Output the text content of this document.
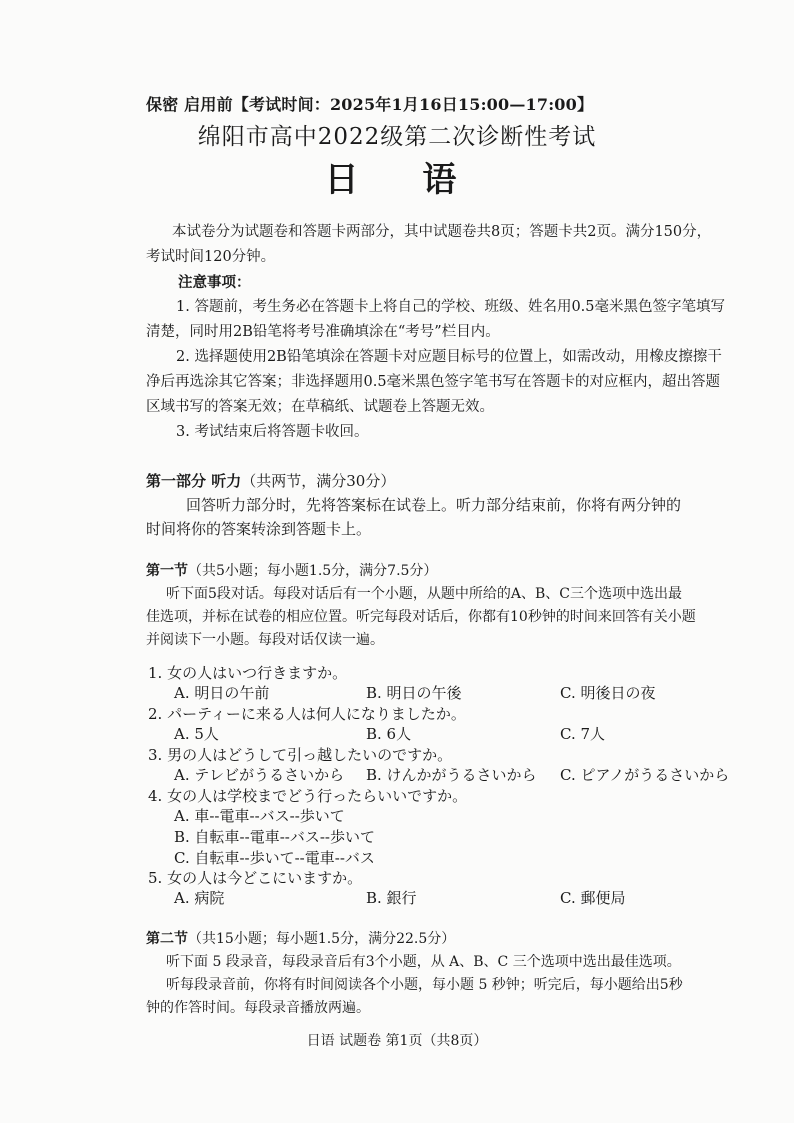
保密 启用前【考试时间：2025年1月16日15:00—17:00】
绵阳市高中2022级第二次诊断性考试
日 语
本试卷分为试题卷和答题卡两部分，其中试题卷共8页；答题卡共2页。满分150分，
考试时间120分钟。
注意事项：
1. 答题前，考生务必在答题卡上将自己的学校、班级、姓名用0.5毫米黑色签字笔填写
清楚，同时用2B铅笔将考号准确填涂在“考号”栏目内。
2. 选择题使用2B铅笔填涂在答题卡对应题目标号的位置上，如需改动，用橡皮擦擦干
净后再选涂其它答案；非选择题用0.5毫米黑色签字笔书写在答题卡的对应框内，超出答题
区域书写的答案无效；在草稿纸、试题卷上答题无效。
3. 考试结束后将答题卡收回。
第一部分 听力（共两节，满分30分）
回答听力部分时，先将答案标在试卷上。听力部分结束前，你将有两分钟的
时间将你的答案转涂到答题卡上。
第一节（共5小题；每小题1.5分，满分7.5分）
听下面5段对话。每段对话后有一个小题，从题中所给的A、B、C三个选项中选出最
佳选项，并标在试卷的相应位置。听完每段对话后，你都有10秒钟的时间来回答有关小题
并阅读下一小题。每段对话仅读一遍。
1. 女の人はいつ行きますか。
A. 明日の午前	B. 明日の午後	C. 明後日の夜
2. パーティーに来る人は何人になりましたか。
A. 5人	B. 6人	C. 7人
3. 男の人はどうして引っ越したいのですか。
A. テレビがうるさいから B. けんかがうるさいから C. ピアノがうるさいから
4. 女の人は学校までどう行ったらいいですか。
A. 車--電車--バス--歩いて
B. 自転車--電車--バス--歩いて
C. 自転車--歩いて--電車--バス
5. 女の人は今どこにいますか。
A. 病院	B. 銀行	C. 郵便局
第二节（共15小题；每小题1.5分，满分22.5分）
听下面 5 段录音，每段录音后有3个小题，从 A、B、C 三个选项中选出最佳选项。
听每段录音前，你将有时间阅读各个小题，每小题 5 秒钟；听完后，每小题给出5秒
钟的作答时间。每段录音播放两遍。
日语 试题卷 第1页（共8页）
